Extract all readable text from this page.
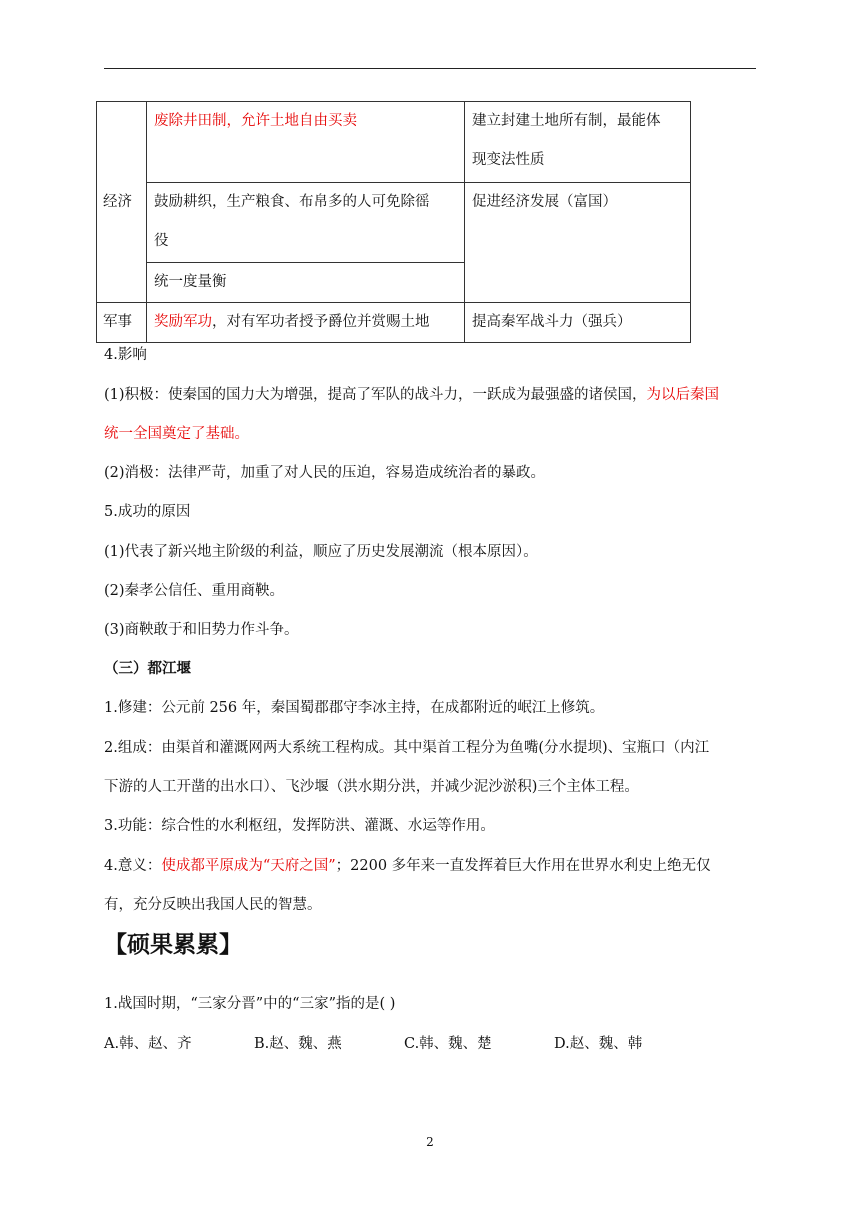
经济	废除井田制，允许土地自由买卖	建立封建土地所有制，最能体
现变法性质
	鼓励耕织，生产粮食、布帛多的人可免除徭
役	促进经济发展（富国）
	统一度量衡	
军事	奖励军功，对有军功者授予爵位并赏赐土地	提高秦军战斗力（强兵）
4.影响
(1)积极：使秦国的国力大为增强，提高了军队的战斗力，一跃成为最强盛的诸侯国，为以后秦国
统一全国奠定了基础。
(2)消极：法律严苛，加重了对人民的压迫，容易造成统治者的暴政。
5.成功的原因
(1)代表了新兴地主阶级的利益，顺应了历史发展潮流（根本原因）。
(2)秦孝公信任、重用商鞅。
(3)商鞅敢于和旧势力作斗争。
（三）都江堰
1.修建：公元前 256 年，秦国蜀郡郡守李冰主持，在成都附近的岷江上修筑。
2.组成：由渠首和灌溉网两大系统工程构成。其中渠首工程分为鱼嘴(分水提坝)、宝瓶口（内江
下游的人工开凿的出水口）、飞沙堰（洪水期分洪，并减少泥沙淤积)三个主体工程。
3.功能：综合性的水利枢纽，发挥防洪、灌溉、水运等作用。
4.意义：使成都平原成为“天府之国”；2200 多年来一直发挥着巨大作用在世界水利史上绝无仅
有，充分反映出我国人民的智慧。
【硕果累累】
1.战国时期，“三家分晋”中的“三家”指的是( )
A.韩、赵、齐	B.赵、魏、燕	C.韩、魏、楚	D.赵、魏、韩
2
